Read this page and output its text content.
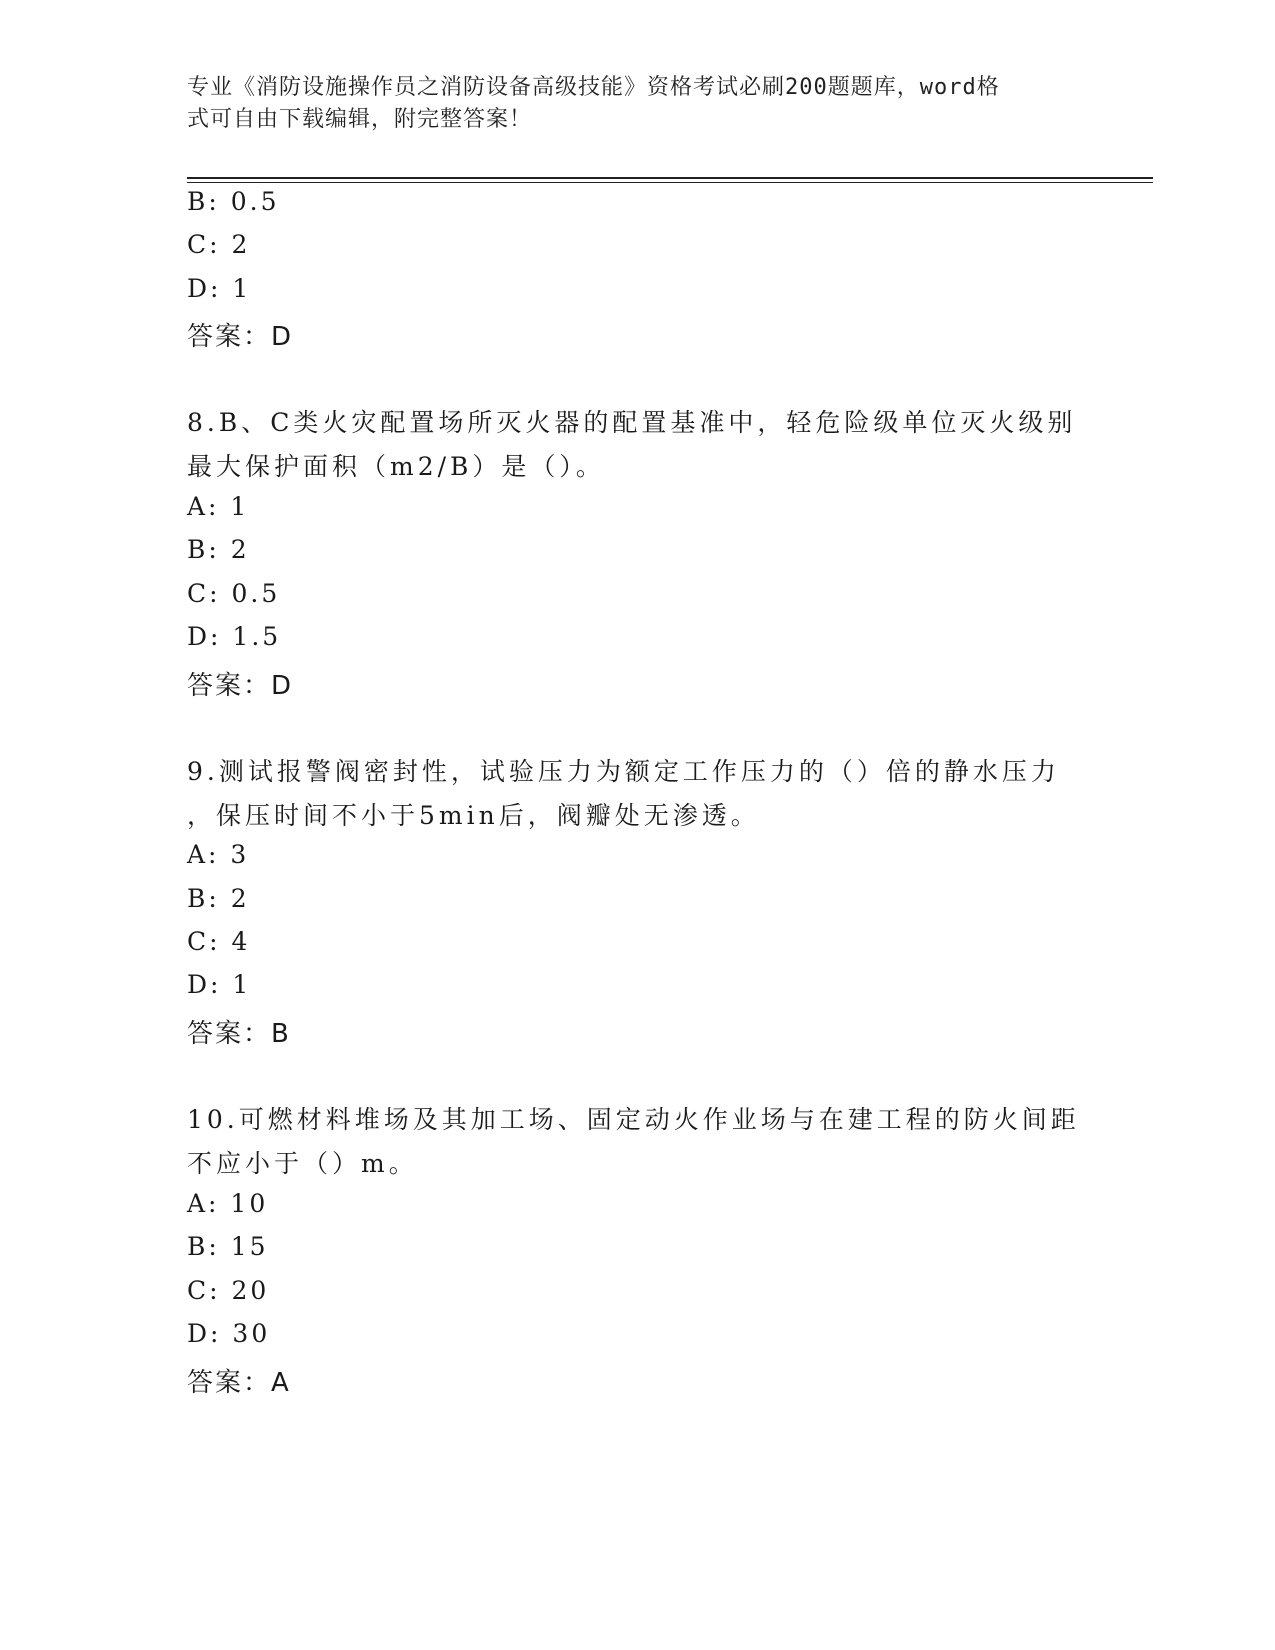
专业《消防设施操作员之消防设备高级技能》资格考试必刷200题题库，word格
式可自由下载编辑，附完整答案！
B: 0.5
C: 2
D: 1
答案：D
8.B、C类火灾配置场所灭火器的配置基准中，轻危险级单位灭火级别
最大保护面积（m2/B）是（）。
A: 1
B: 2
C: 0.5
D: 1.5
答案：D
9.测试报警阀密封性，试验压力为额定工作压力的（）倍的静水压力
，保压时间不小于5min后，阀瓣处无渗透。
A: 3
B: 2
C: 4
D: 1
答案：B
10.可燃材料堆场及其加工场、固定动火作业场与在建工程的防火间距
不应小于（）m。
A: 10
B: 15
C: 20
D: 30
答案：A
